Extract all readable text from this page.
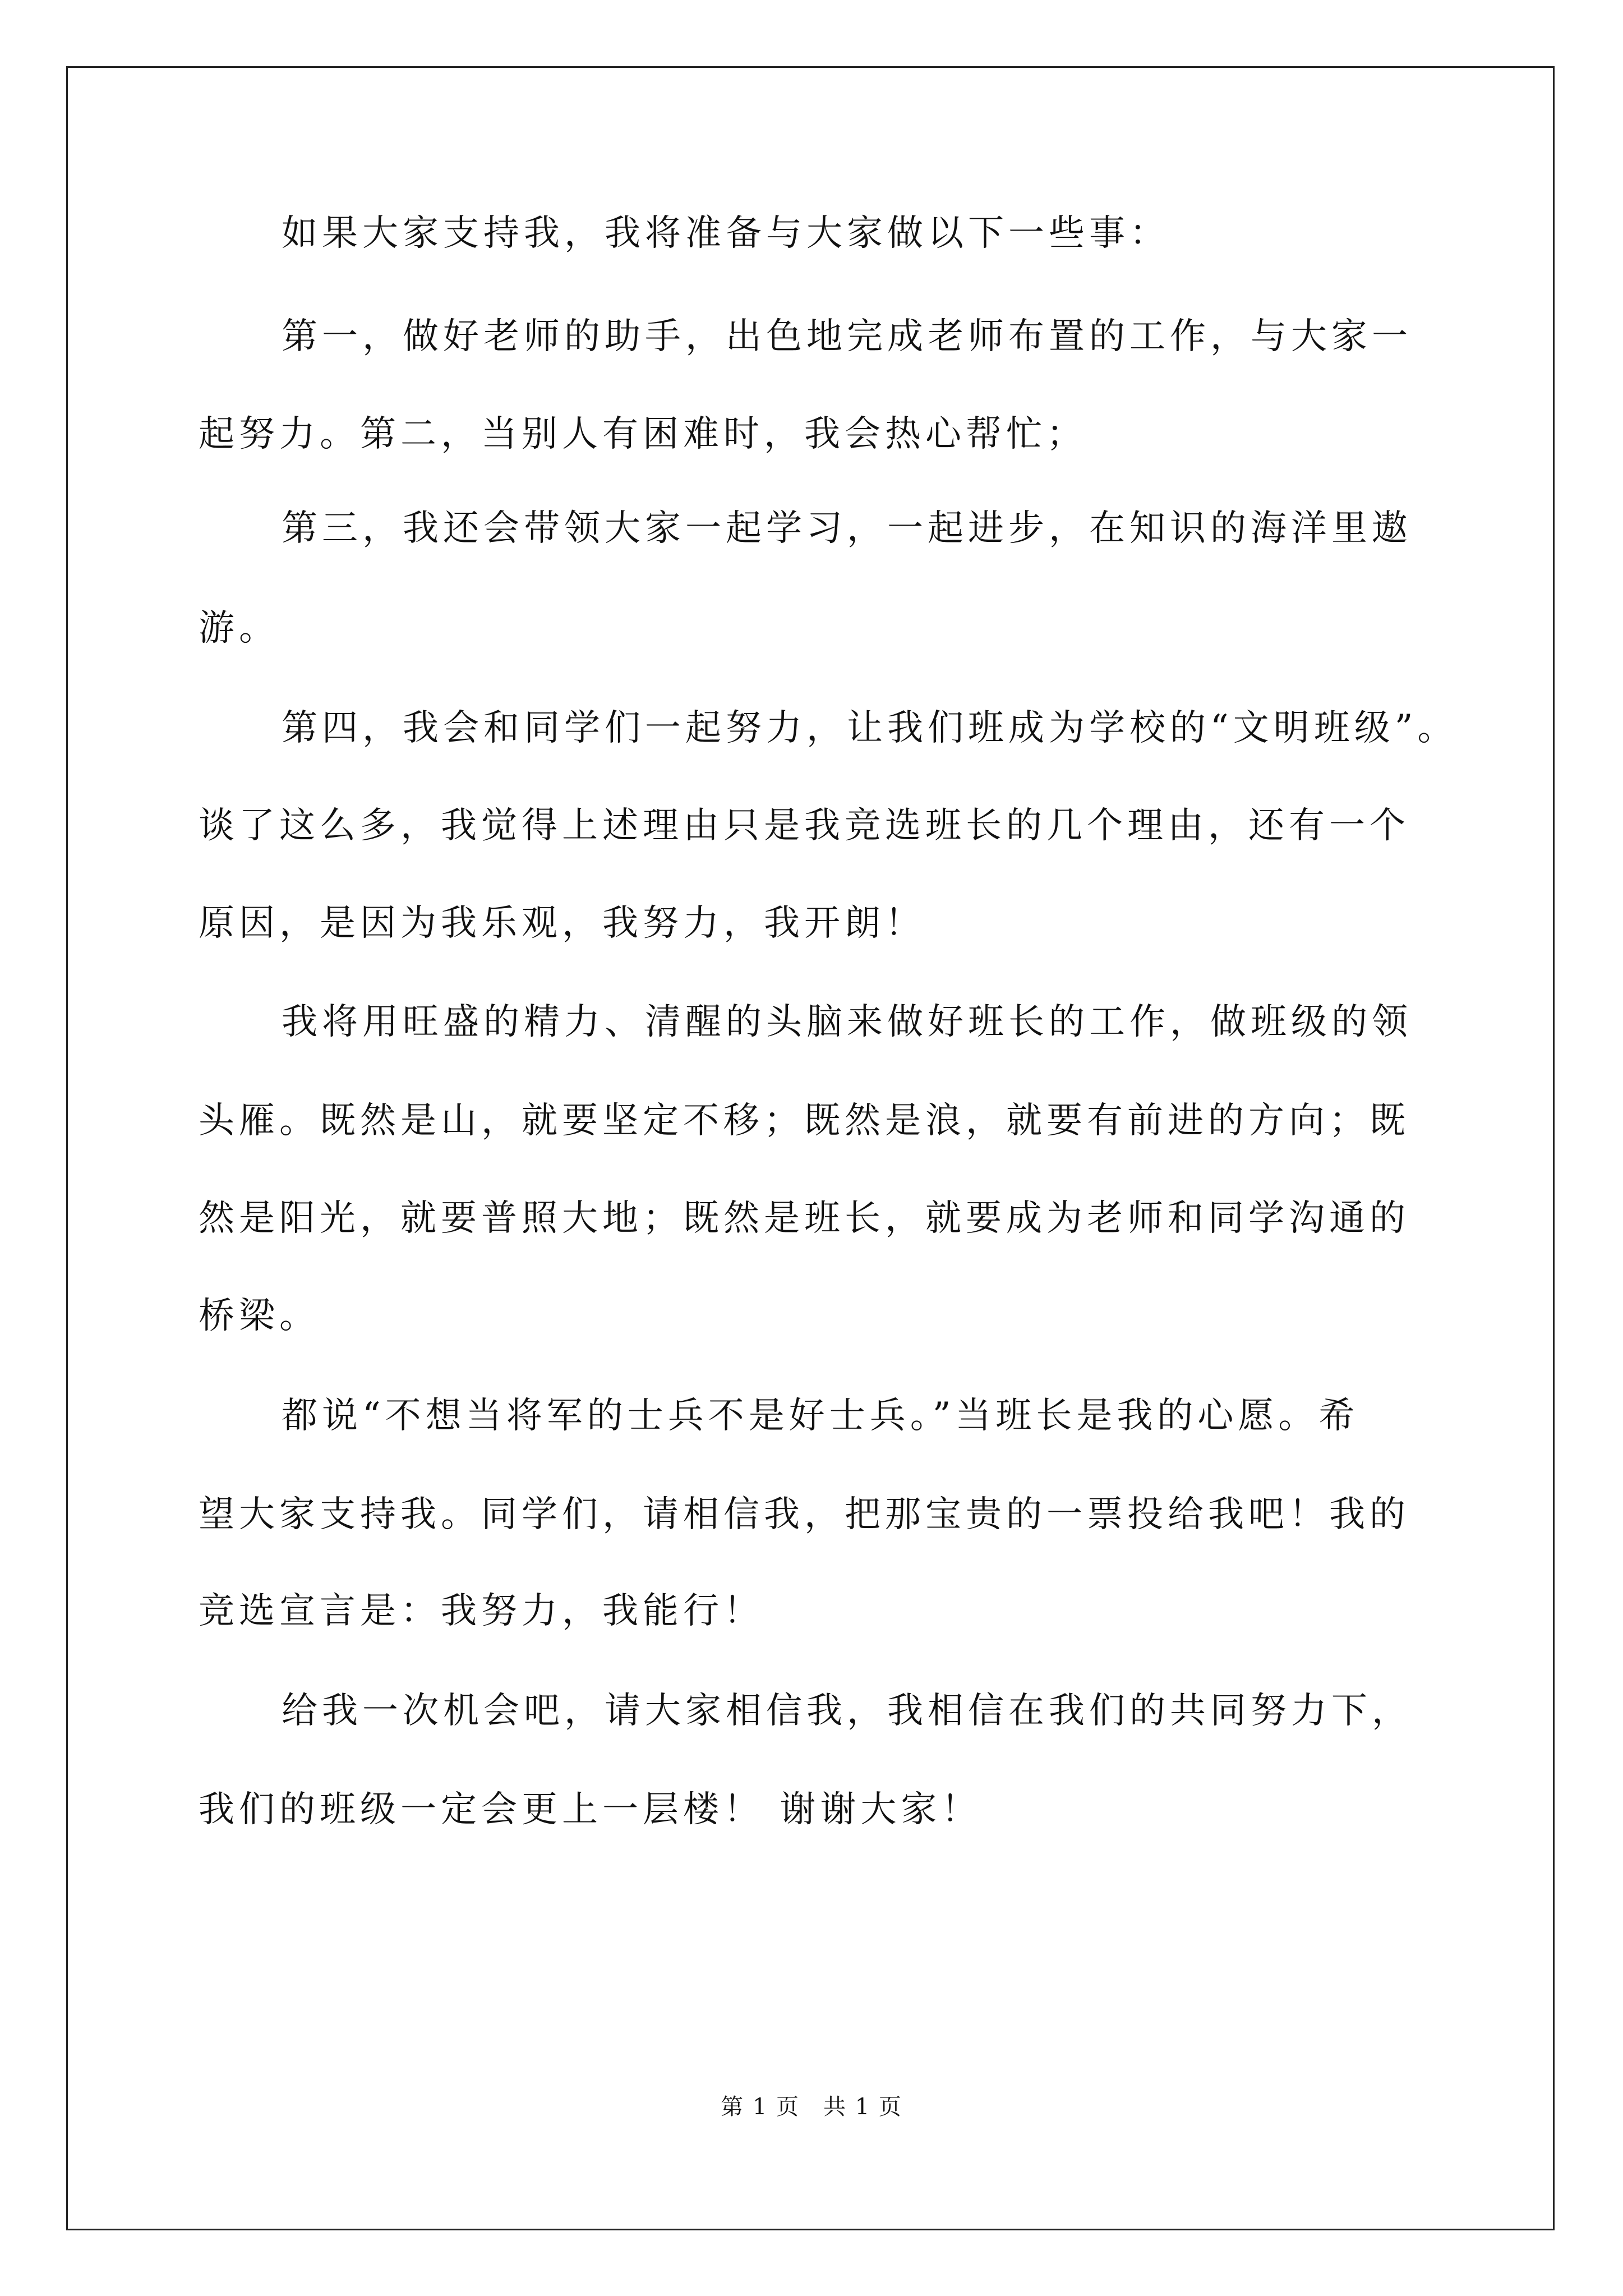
如果大家支持我，我将准备与大家做以下一些事：
第一，做好老师的助手，出色地完成老师布置的工作，与大家一
起努力。第二，当别人有困难时，我会热心帮忙；
第三，我还会带领大家一起学习，一起进步，在知识的海洋里遨
游。
第四，我会和同学们一起努力，让我们班成为学校的“文明班级”。
谈了这么多，我觉得上述理由只是我竞选班长的几个理由，还有一个
原因，是因为我乐观，我努力，我开朗！
我将用旺盛的精力、清醒的头脑来做好班长的工作，做班级的领
头雁。既然是山，就要坚定不移；既然是浪，就要有前进的方向；既
然是阳光，就要普照大地；既然是班长，就要成为老师和同学沟通的
桥梁。
都说“不想当将军的士兵不是好士兵。”当班长是我的心愿。希
望大家支持我。同学们，请相信我，把那宝贵的一票投给我吧！我的
竞选宣言是：我努力，我能行！
给我一次机会吧，请大家相信我，我相信在我们的共同努力下，
我们的班级一定会更上一层楼！ 谢谢大家！
第 1 页　共 1 页
